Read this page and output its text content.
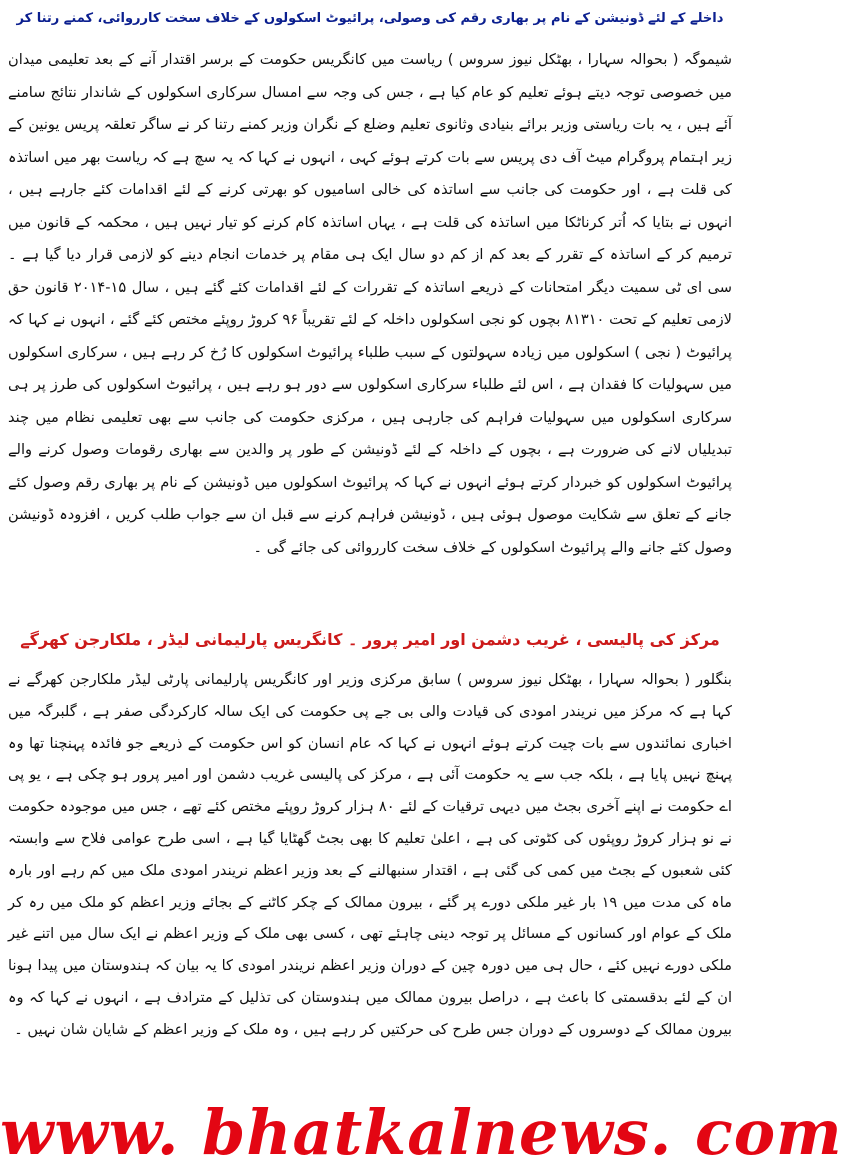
داخلے کے لئے ڈونیشن کے نام پر بھاری رقم کی وصولی، پرائیوٹ اسکولوں کے خلاف سخت کارروائی، کمنے رتنا کر

شیموگہ ( بحوالہ سہارا ، بھٹکل نیوز سروس ) ریاست میں کانگریس حکومت کے برسر اقتدار آنے کے بعد تعلیمی میدان میں خصوصی توجہ دیتے ہوئے تعلیم کو عام کیا ہے ، جس کی وجہ سے امسال سرکاری اسکولوں کے شاندار نتائج سامنے آئے ہیں ، یہ بات ریاستی وزیر برائے بنیادی وثانوی تعلیم وضلع کے نگران وزیر کمنے رتنا کر نے ساگر تعلقہ پریس یونین کے زیر اہتمام پروگرام میٹ آف دی پریس سے بات کرتے ہوئے کہی ، انہوں نے کہا کہ یہ سچ ہے کہ ریاست بھر میں اساتذہ کی قلت ہے ، اور حکومت کی جانب سے اساتذہ کی خالی اسامیوں کو بھرتی کرنے کے لئے اقدامات کئے جارہے ہیں ، انہوں نے بتایا کہ اُتر کرناٹکا میں اساتذہ کی قلت ہے ، یہاں اساتذہ کام کرنے کو تیار نہیں ہیں ، محکمہ کے قانون میں ترمیم کر کے اساتذہ کے تقرر کے بعد کم از کم دو سال ایک ہی مقام پر خدمات انجام دینے کو لازمی قرار دیا گیا ہے ۔ سی ای ٹی سمیت دیگر امتحانات کے ذریعے اساتذہ کے تقررات کے لئے اقدامات کئے گئے ہیں ، سال ۱۵-۲۰۱۴ قانون حق لازمی تعلیم کے تحت ۸۱۳۱۰ بچوں کو نجی اسکولوں داخلہ کے لئے تقریباً ۹۶ کروڑ روپئے مختص کئے گئے ، انہوں نے کہا کہ پرائیوٹ ( نجی ) اسکولوں میں زیادہ سہولتوں کے سبب طلباء پرائیوٹ اسکولوں کا رُخ کر رہے ہیں ، سرکاری اسکولوں میں سہولیات کا فقدان ہے ، اس لئے طلباء سرکاری اسکولوں سے دور ہو رہے ہیں ، پرائیوٹ اسکولوں کی طرز پر ہی سرکاری اسکولوں میں سہولیات فراہم کی جارہی ہیں ، مرکزی حکومت کی جانب سے بھی تعلیمی نظام میں چند تبدیلیاں لانے کی ضرورت ہے ، بچوں کے داخلہ کے لئے ڈونیشن کے طور پر والدین سے بھاری رقومات وصول کرنے والے پرائیوٹ اسکولوں کو خبردار کرتے ہوئے انہوں نے کہا کہ پرائیوٹ اسکولوں میں ڈونیشن کے نام پر بھاری رقم وصول کئے جانے کے تعلق سے شکایت موصول ہوئی ہیں ، ڈونیشن فراہم کرنے سے قبل ان سے جواب طلب کریں ، افزودہ ڈونیشن وصول کئے جانے والے پرائیوٹ اسکولوں کے خلاف سخت کارروائی کی جائے گی ۔

مرکز کی پالیسی ، غریب دشمن اور امیر پرور ۔ کانگریس پارلیمانی لیڈر ، ملکارجن کھرگے

بنگلور ( بحوالہ سہارا ، بھٹکل نیوز سروس ) سابق مرکزی وزیر اور کانگریس پارلیمانی پارٹی لیڈر ملکارجن کھرگے نے کہا ہے کہ مرکز میں نریندر امودی کی قیادت والی بی جے پی حکومت کی ایک سالہ کارکردگی صفر ہے ، گلبرگہ میں اخباری نمائندوں سے بات چیت کرتے ہوئے انہوں نے کہا کہ عام انسان کو اس حکومت کے ذریعے جو فائدہ پہنچنا تھا وہ پہنچ نہیں پایا ہے ، بلکہ جب سے یہ حکومت آئی ہے ، مرکز کی پالیسی غریب دشمن اور امیر پرور ہو چکی ہے ، یو پی اے حکومت نے اپنے آخری بجٹ میں دیہی ترقیات کے لئے ۸۰ ہزار کروڑ روپئے مختص کئے تھے ، جس میں موجودہ حکومت نے نو ہزار کروڑ روپئوں کی کٹوتی کی ہے ، اعلیٰ تعلیم کا بھی بجٹ گھٹایا گیا ہے ، اسی طرح عوامی فلاح سے وابستہ کئی شعبوں کے بجٹ میں کمی کی گئی ہے ، اقتدار سنبھالنے کے بعد وزیر اعظم نریندر امودی ملک میں کم رہے اور بارہ ماہ کی مدت میں ۱۹ بار غیر ملکی دورے پر گئے ، بیرون ممالک کے چکر کاٹنے کے بجائے وزیر اعظم کو ملک میں رہ کر ملک کے عوام اور کسانوں کے مسائل پر توجہ دینی چاہئے تھی ، کسی بھی ملک کے وزیر اعظم نے ایک سال میں اتنے غیر ملکی دورے نہیں کئے ، حال ہی میں دورہ چین کے دوران وزیر اعظم نریندر امودی کا یہ بیان کہ ہندوستان میں پیدا ہونا ان کے لئے بدقسمتی کا باعث ہے ، دراصل بیرون ممالک میں ہندوستان کی تذلیل کے مترادف ہے ، انہوں نے کہا کہ وہ بیرون ممالک کے دوسروں کے دوران جس طرح کی حرکتیں کر رہے ہیں ، وہ ملک کے وزیر اعظم کے شایان شان نہیں ۔

www. bhatkalnews. com
